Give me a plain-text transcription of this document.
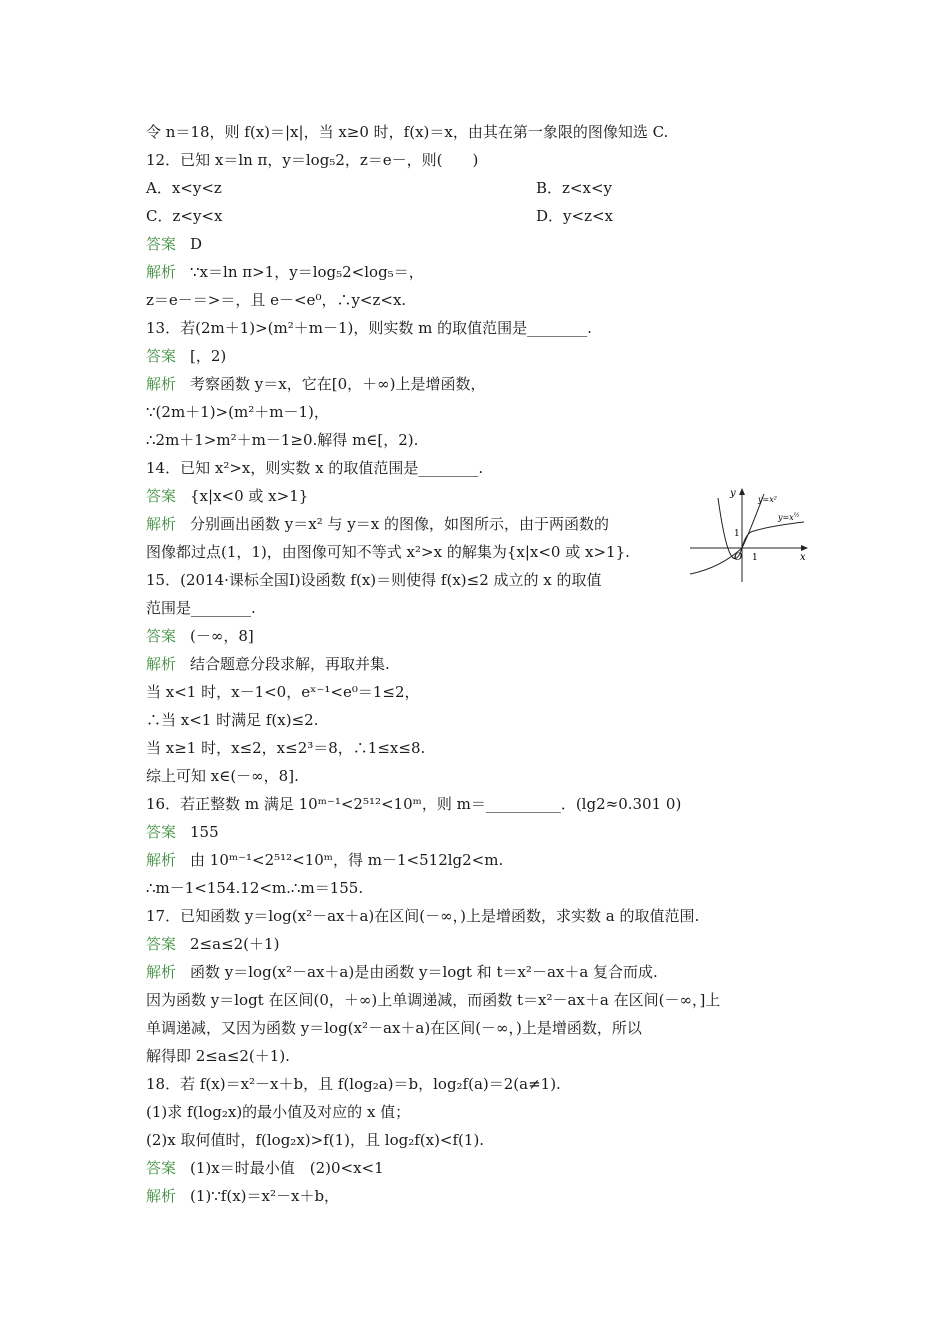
令 n＝18，则 f(x)＝|x|，当 x≥0 时，f(x)＝x，由其在第一象限的图像知选 C.
12．已知 x＝ln π，y＝log₅2，z＝e－，则(　　)
A．x<y<z	B．z<x<y
C．z<y<x	D．y<z<x
答案 D
解析 ∵x＝ln π>1，y＝log₅2<log₅＝，
z＝e－＝>＝，且 e－<e⁰，∴y<z<x.
13．若(2m＋1)>(m²＋m－1)，则实数 m 的取值范围是________.
答案 [，2)
解析 考察函数 y＝x，它在[0，＋∞)上是增函数，
∵(2m＋1)>(m²＋m－1)，
∴2m＋1>m²＋m－1≥0.解得 m∈[，2).
14．已知 x²>x，则实数 x 的取值范围是________.
答案 {x|x<0 或 x>1}
解析 分别画出函数 y＝x² 与 y＝x 的图像，如图所示，由于两函数的
图像都过点(1，1)，由图像可知不等式 x²>x 的解集为{x|x<0 或 x>1}.
15．(2014·课标全国Ⅰ)设函数 f(x)＝则使得 f(x)≤2 成立的 x 的取值
范围是________.
答案 (－∞，8]
解析 结合题意分段求解，再取并集.
当 x<1 时，x－1<0，eˣ⁻¹<e⁰＝1≤2，
∴当 x<1 时满足 f(x)≤2.
当 x≥1 时，x≤2，x≤2³＝8，∴1≤x≤8.
综上可知 x∈(－∞，8].
16．若正整数 m 满足 10ᵐ⁻¹<2⁵¹²<10ᵐ，则 m＝__________．(lg2≈0.301 0)
答案 155
解析 由 10ᵐ⁻¹<2⁵¹²<10ᵐ，得 m－1<512lg2<m.
∴m－1<154.12<m.∴m＝155.
17．已知函数 y＝log(x²－ax＋a)在区间(－∞，)上是增函数，求实数 a 的取值范围.
答案 2≤a≤2(＋1)
解析 函数 y＝log(x²－ax＋a)是由函数 y＝logt 和 t＝x²－ax＋a 复合而成.
因为函数 y＝logt 在区间(0，＋∞)上单调递减，而函数 t＝x²－ax＋a 在区间(－∞，]上
单调递减，又因为函数 y＝log(x²－ax＋a)在区间(－∞，)上是增函数，所以
解得即 2≤a≤2(＋1).
18．若 f(x)＝x²－x＋b，且 f(log₂a)＝b，log₂f(a)＝2(a≠1).
(1)求 f(log₂x)的最小值及对应的 x 值；
(2)x 取何值时，f(log₂x)>f(1)，且 log₂f(x)<f(1).
答案 (1)x＝时最小值　(2)0<x<1
解析 (1)∵f(x)＝x²－x＋b，
y
x
O 1
1
y=x²
$y=x^{\frac{1}{2}}$
